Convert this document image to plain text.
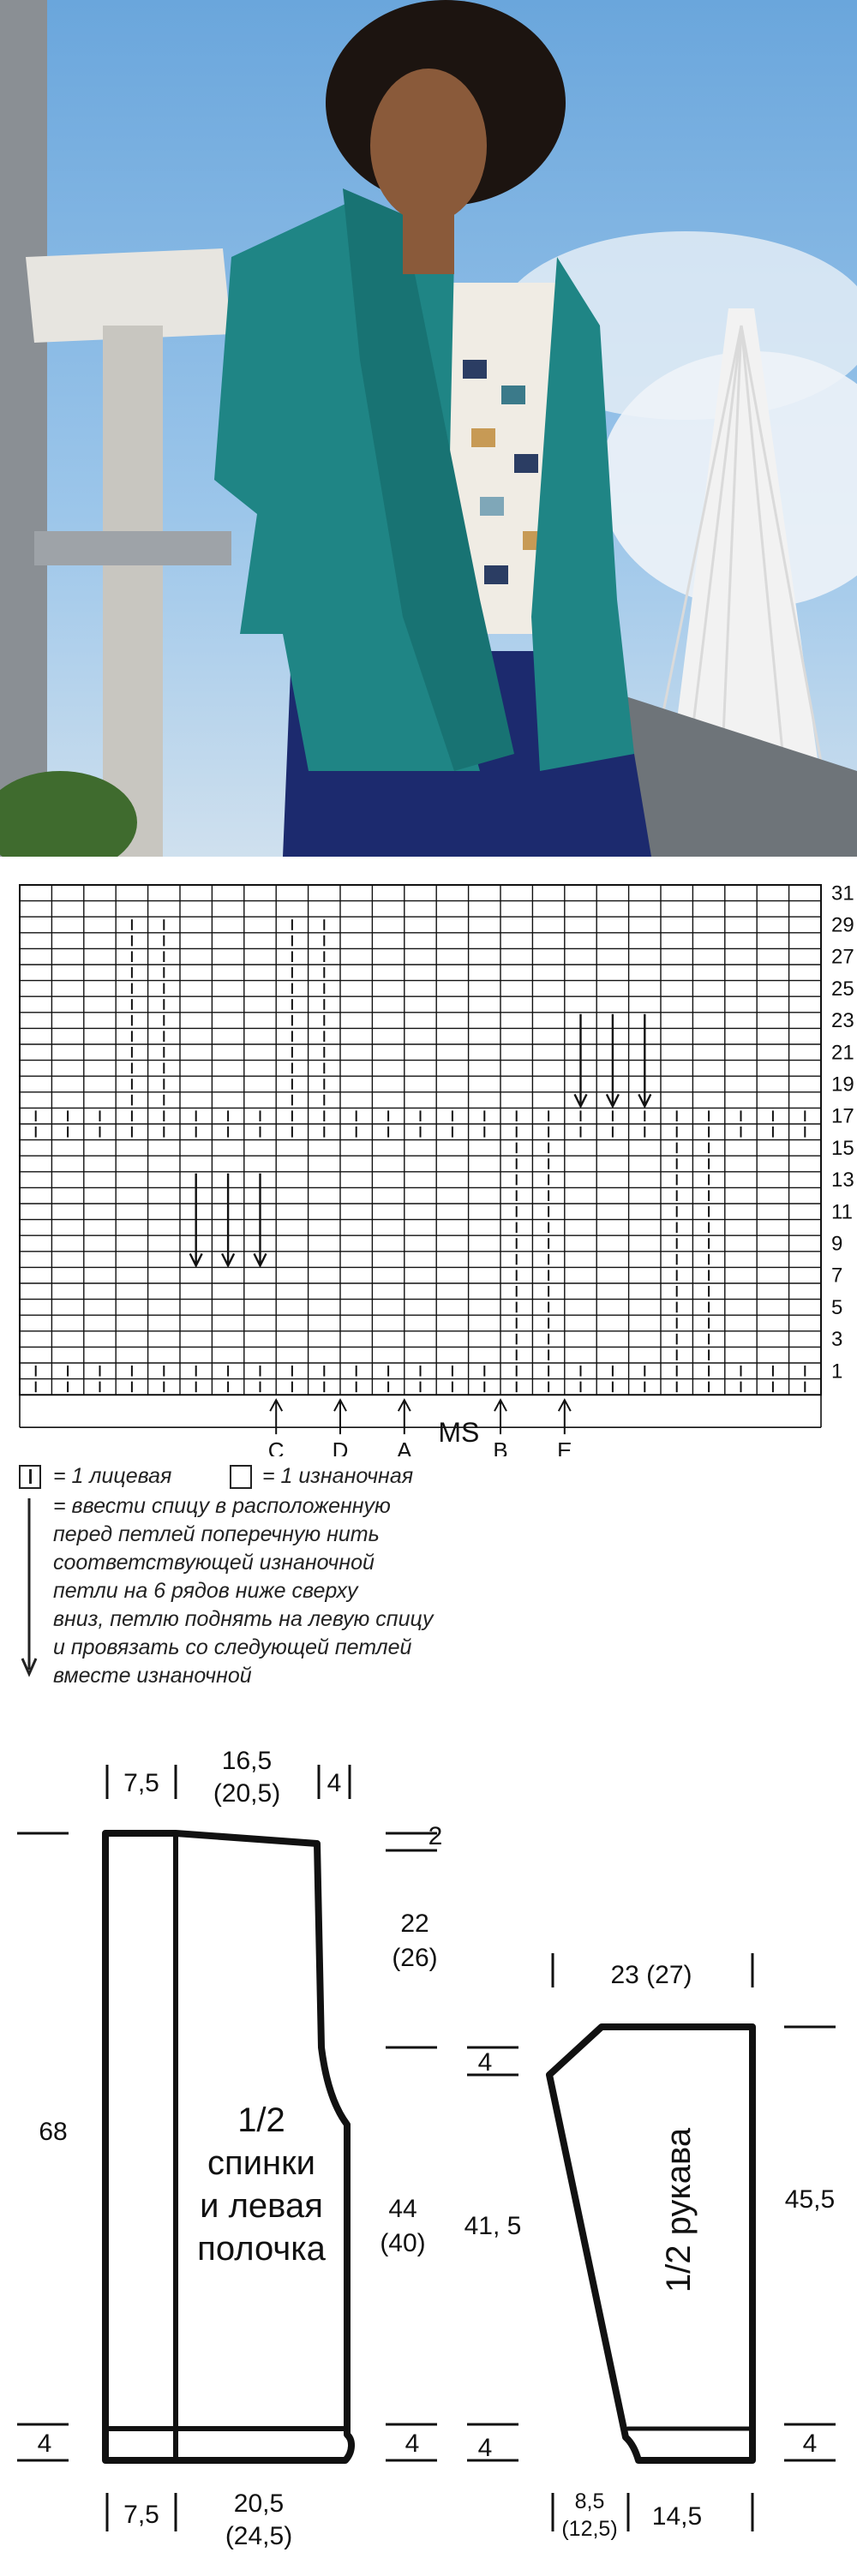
31
29
27
25
23
21
19
17
15
13
11
9
7
5
3
1
C D A	B E
MS
= 1 лицевая	= 1 изнаночная
= ввести спицу в расположенную
перед петлей поперечную нить
соответствующей изнаночной
петли на 6 рядов ниже сверху
вниз, петлю поднять на левую спицу
и провязать со следующей петлей
вместе изнаночной
7,5
16,5
(20,5) 4
2
22
(26)
68
44
(40)
41, 5
4
4	4 4
7,5	20,5
(24,5)
23 (27)
45,5
4
14,5
8,5
(12,5)
1/2
спинки
и левая
полочка	1/2 рукава
